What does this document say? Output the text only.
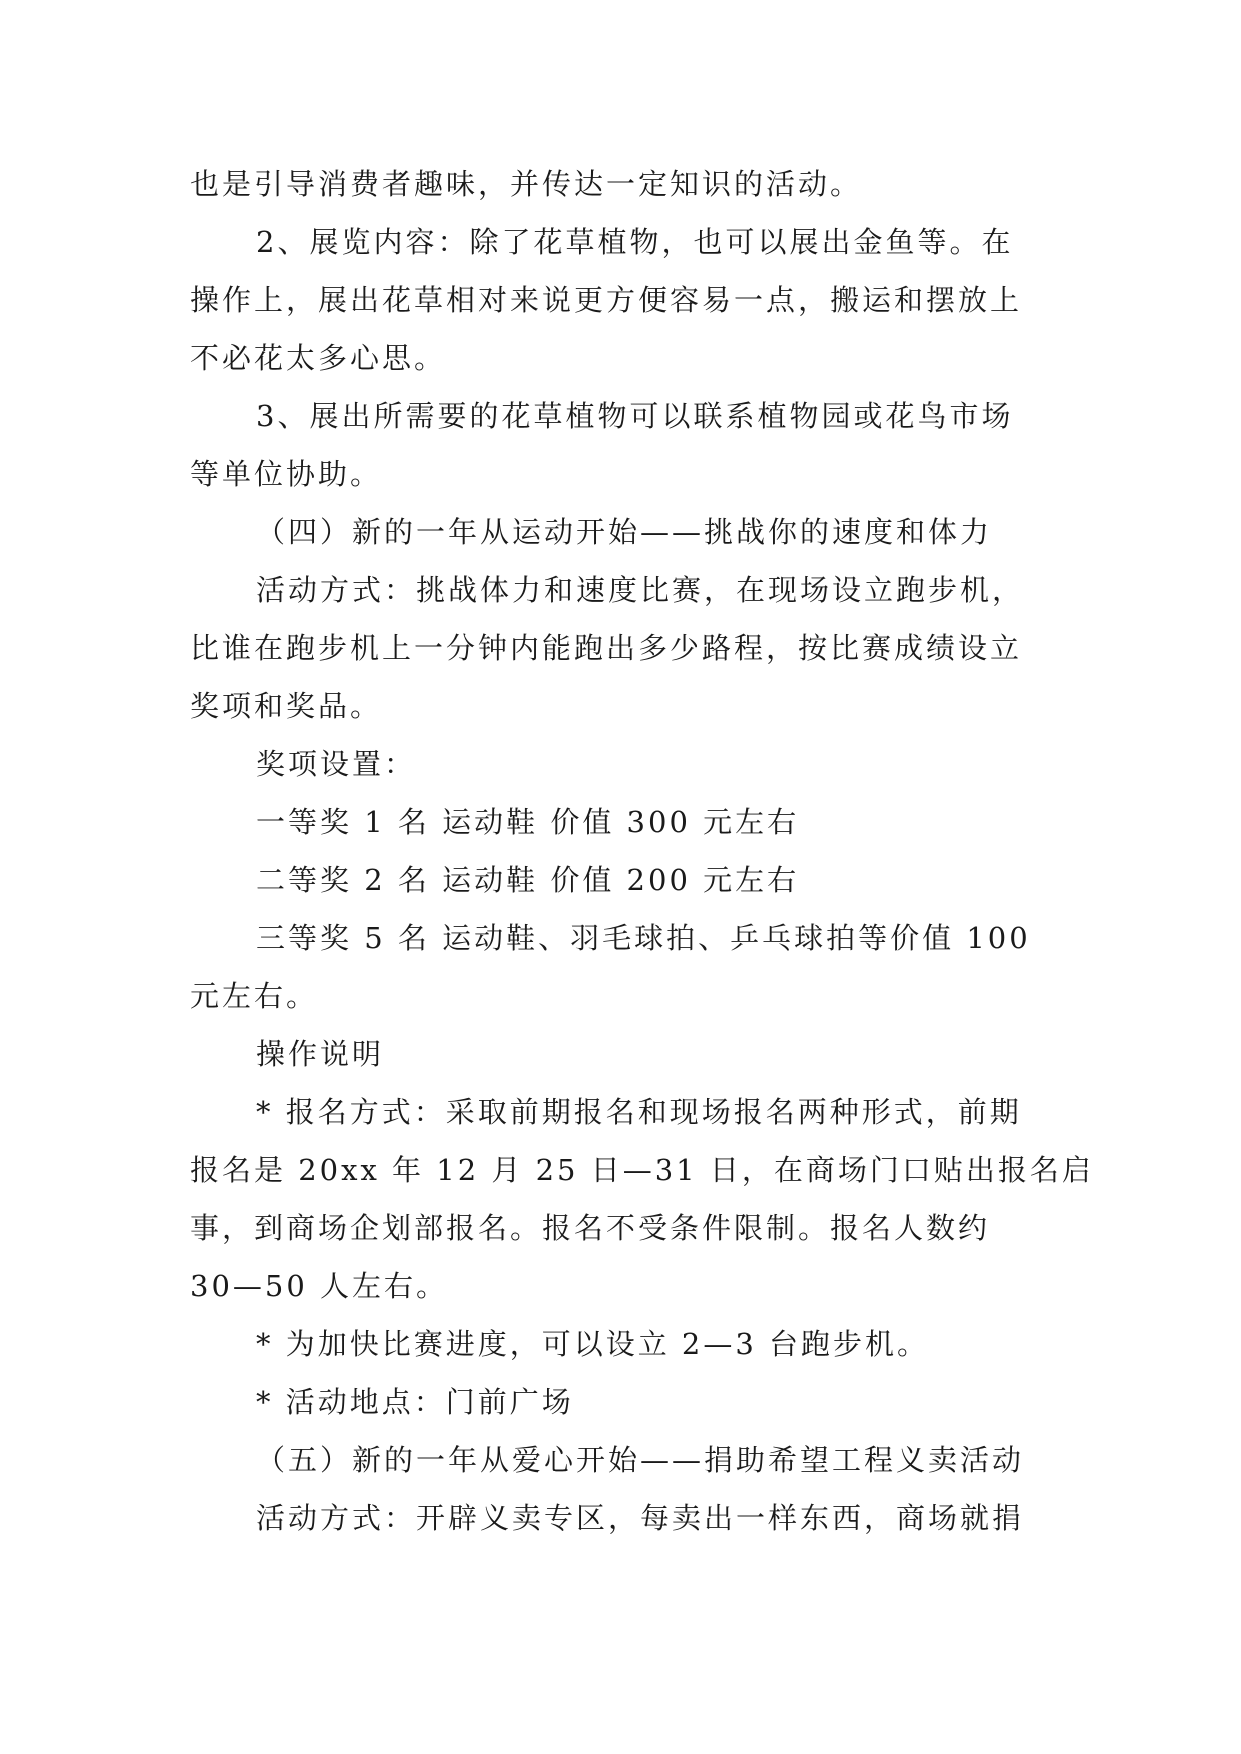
也是引导消费者趣味，并传达一定知识的活动。
2、展览内容：除了花草植物，也可以展出金鱼等。在
操作上，展出花草相对来说更方便容易一点，搬运和摆放上
不必花太多心思。
3、展出所需要的花草植物可以联系植物园或花鸟市场
等单位协助。
（四）新的一年从运动开始——挑战你的速度和体力
活动方式：挑战体力和速度比赛，在现场设立跑步机，
比谁在跑步机上一分钟内能跑出多少路程，按比赛成绩设立
奖项和奖品。
奖项设置：
一等奖 1 名 运动鞋 价值 300 元左右
二等奖 2 名 运动鞋 价值 200 元左右
三等奖 5 名 运动鞋、羽毛球拍、乒乓球拍等价值 100
元左右。
操作说明
* 报名方式：采取前期报名和现场报名两种形式，前期
报名是 20xx 年 12 月 25 日—31 日，在商场门口贴出报名启
事，到商场企划部报名。报名不受条件限制。报名人数约
30—50 人左右。
* 为加快比赛进度，可以设立 2—3 台跑步机。
* 活动地点：门前广场
（五）新的一年从爱心开始——捐助希望工程义卖活动
活动方式：开辟义卖专区，每卖出一样东西，商场就捐
